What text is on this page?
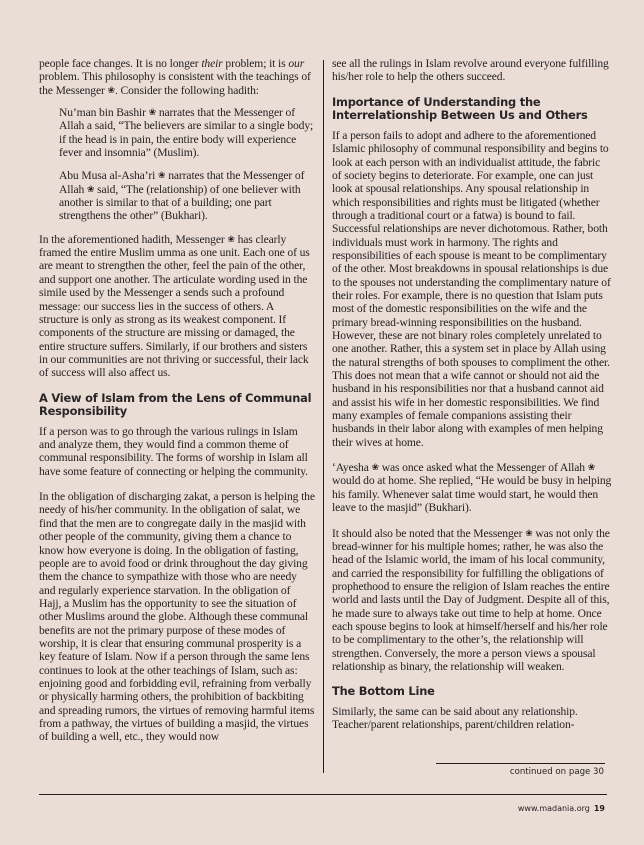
people face changes. It is no longer their problem; it is our problem. This philosophy is consistent with the teachings of the Messenger ❀. Consider the following hadith:

Nu’man bin Bashir ❀ narrates that the Messenger of Allah a said, “The believers are similar to a single body; if the head is in pain, the entire body will experience fever and insomnia” (Muslim).

Abu Musa al-Asha’ri ❀ narrates that the Messenger of Allah ❀ said, “The (relationship) of one believer with another is similar to that of a building; one part strengthens the other” (Bukhari).

In the aforementioned hadith, Messenger ❀ has clearly framed the entire Muslim umma as one unit. Each one of us are meant to strengthen the other, feel the pain of the other, and support one another. The articulate wording used in the simile used by the Messenger a sends such a profound message: our success lies in the success of others. A structure is only as strong as its weakest component. If components of the structure are missing or damaged, the entire structure suffers. Similarly, if our brothers and sisters in our communities are not thriving or successful, their lack of success will also affect us.

A View of Islam from the Lens of Communal Responsibility

If a person was to go through the various rulings in Islam and analyze them, they would find a common theme of communal responsibility. The forms of worship in Islam all have some feature of connecting or helping the community.

In the obligation of discharging zakat, a person is helping the needy of his/her community. In the obligation of salat, we find that the men are to congregate daily in the masjid with other people of the community, giving them a chance to know how everyone is doing. In the obligation of fasting, people are to avoid food or drink throughout the day giving them the chance to sympathize with those who are needy and regularly experience starvation. In the obligation of Hajj, a Muslim has the opportunity to see the situation of other Muslims around the globe. Although these communal benefits are not the primary purpose of these modes of worship, it is clear that ensuring communal prosperity is a key feature of Islam. Now if a person through the same lens continues to look at the other teachings of Islam, such as: enjoining good and forbidding evil, refraining from verbally or physically harming others, the prohibition of backbiting and spreading rumors, the virtues of removing harmful items from a pathway, the virtues of building a masjid, the virtues of building a well, etc., they would now

see all the rulings in Islam revolve around everyone fulfilling his/her role to help the others succeed.

Importance of Understanding the Interrelationship Between Us and Others

If a person fails to adopt and adhere to the aforementioned Islamic philosophy of communal responsibility and begins to look at each person with an individualist attitude, the fabric of society begins to deteriorate. For example, one can just look at spousal relationships. Any spousal relationship in which responsibilities and rights must be litigated (whether through a traditional court or a fatwa) is bound to fail. Successful relationships are never dichotomous. Rather, both individuals must work in harmony. The rights and responsibilities of each spouse is meant to be complimentary of the other. Most breakdowns in spousal relationships is due to the spouses not understanding the complimentary nature of their roles. For example, there is no question that Islam puts most of the domestic responsibilities on the wife and the primary bread-winning responsibilities on the husband. However, these are not binary roles completely unrelated to one another. Rather, this a system set in place by Allah using the natural strengths of both spouses to compliment the other. This does not mean that a wife cannot or should not aid the husband in his responsibilities nor that a husband cannot aid and assist his wife in her domestic responsibilities. We find many examples of female companions assisting their husbands in their labor along with examples of men helping their wives at home.

‘Ayesha ❀ was once asked what the Messenger of Allah ❀ would do at home. She replied, “He would be busy in helping his family. Whenever salat time would start, he would then leave to the masjid” (Bukhari).

It should also be noted that the Messenger ❀ was not only the bread-winner for his multiple homes; rather, he was also the head of the Islamic world, the imam of his local community, and carried the responsibility for fulfilling the obligations of prophethood to ensure the religion of Islam reaches the entire world and lasts until the Day of Judgment. Despite all of this, he made sure to always take out time to help at home. Once each spouse begins to look at himself/herself and his/her role to be complimentary to the other’s, the relationship will strengthen. Conversely, the more a person views a spousal relationship as binary, the relationship will weaken.

The Bottom Line

Similarly, the same can be said about any relationship. Teacher/parent relationships, parent/children relation-

continued on page 30
www.madania.org 19
